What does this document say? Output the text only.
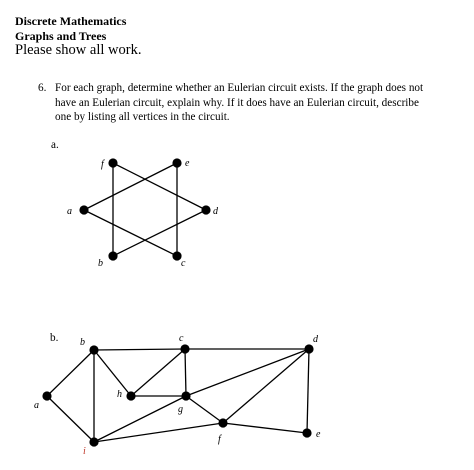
Discrete Mathematics
Graphs and Trees
Please show all work.
6. For each graph, determine whether an Eulerian circuit exists. If the graph does not

have an Eulerian circuit, explain why. If it does have an Eulerian circuit, describe

one by listing all vertices in the circuit.

a.
b.
f	e
a	d
b	c
b	c	d
a
h
g
f	e
i
